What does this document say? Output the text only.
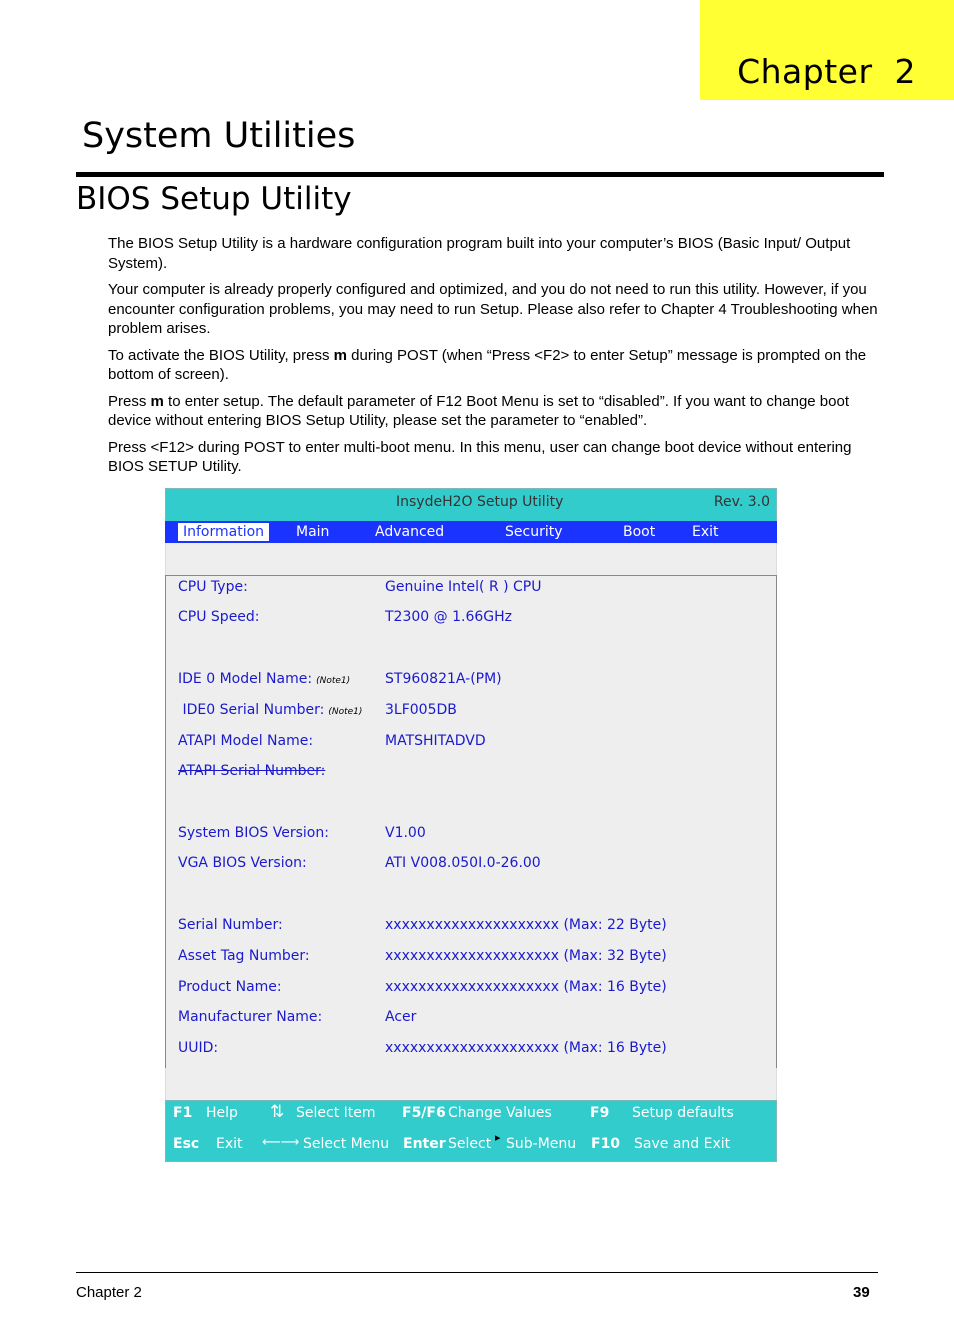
Chapter  2
System Utilities
BIOS Setup Utility

The BIOS Setup Utility is a hardware configuration program built into your computer’s BIOS (Basic Input/ Output System).

Your computer is already properly configured and optimized, and you do not need to run this utility. However, if you encounter configuration problems, you may need to run Setup. Please also refer to Chapter 4 Troubleshooting when problem arises.

To activate the BIOS Utility, press m during POST (when “Press <F2> to enter Setup” message is prompted on the bottom of screen).

Press m to enter setup. The default parameter of F12 Boot Menu is set to “disabled”. If you want to change boot device without entering BIOS Setup Utility, please set the parameter to “enabled”.

Press <F12> during POST to enter multi-boot menu. In this menu, user can change boot device without entering BIOS SETUP Utility.

InsydeH2O Setup Utility	Rev. 3.0
Information	Main	Advanced	Security	Boot	Exit
CPU Type:	Genuine Intel( R ) CPU
CPU Speed:	T2300 @ 1.66GHz
IDE 0 Model Name: (Note1) ST960821A-(PM)
IDE0 Serial Number: (Note1) 3LF005DB
ATAPI Model Name:	MATSHITADVD
ATAPI Serial Number:
System BIOS Version:	V1.00
VGA BIOS Version:	ATI V008.050I.0-26.00
Serial Number:	xxxxxxxxxxxxxxxxxxxxx (Max: 22 Byte)
Asset Tag Number:	xxxxxxxxxxxxxxxxxxxxx (Max: 32 Byte)
Product Name:	xxxxxxxxxxxxxxxxxxxxx (Max: 16 Byte)
Manufacturer Name:	Acer
UUID:	xxxxxxxxxxxxxxxxxxxxx (Max: 16 Byte)
F1 Help ⇅ Select Item F5/F6 Change Values	F9 Setup defaults
Esc Exit ⟵⟶ Select Menu Enter Select ▸ Sub-Menu F10 Save and Exit
Chapter 2	39
